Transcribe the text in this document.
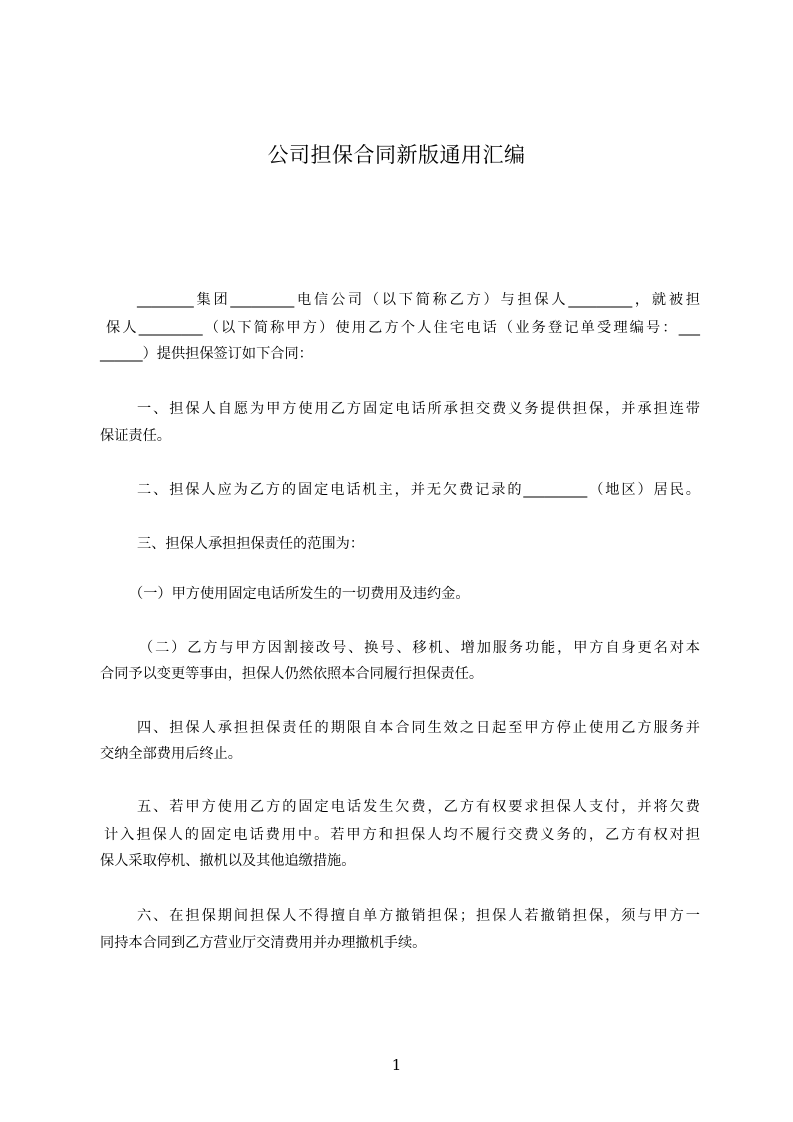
公司担保合同新版通用汇编
________集团_________电信公司（以下简称乙方）与担保人_________，就被担
保人_________（以下简称甲方）使用乙方个人住宅电话（业务登记单受理编号：___
______）提供担保签订如下合同：
一、担保人自愿为甲方使用乙方固定电话所承担交费义务提供担保，并承担连带
保证责任。
二、担保人应为乙方的固定电话机主，并无欠费记录的_________（地区）居民。
三、担保人承担担保责任的范围为：
（一）甲方使用固定电话所发生的一切费用及违约金。
（二）乙方与甲方因割接改号、换号、移机、增加服务功能，甲方自身更名对本
合同予以变更等事由，担保人仍然依照本合同履行担保责任。
四、担保人承担担保责任的期限自本合同生效之日起至甲方停止使用乙方服务并
交纳全部费用后终止。
五、若甲方使用乙方的固定电话发生欠费，乙方有权要求担保人支付，并将欠费
计入担保人的固定电话费用中。若甲方和担保人均不履行交费义务的，乙方有权对担
保人采取停机、撤机以及其他追缴措施。
六、在担保期间担保人不得擅自单方撤销担保；担保人若撤销担保，须与甲方一
同持本合同到乙方营业厅交清费用并办理撤机手续。
1
